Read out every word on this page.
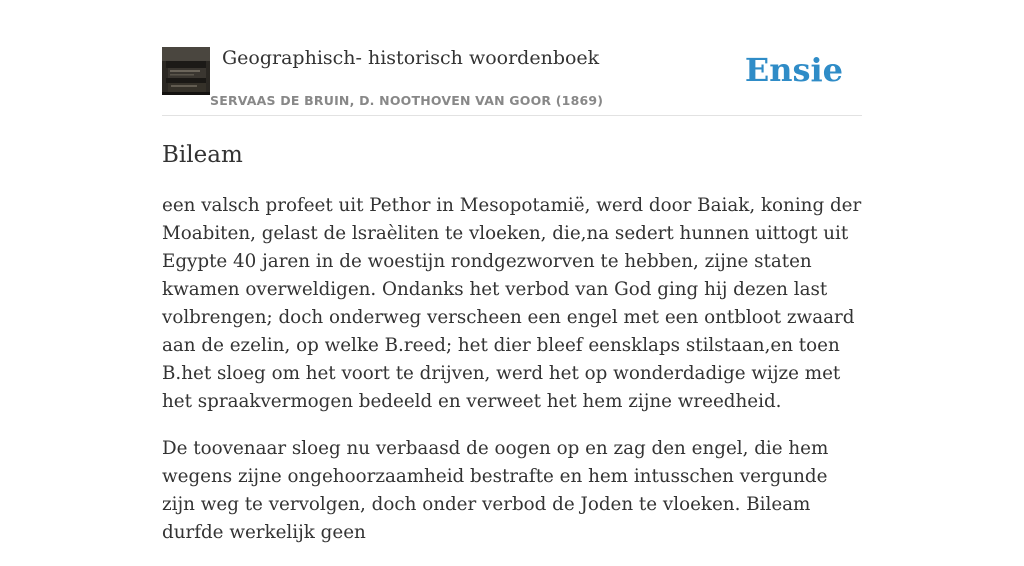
Geographisch- historisch woordenboek
SERVAAS DE BRUIN, D. NOOTHOVEN VAN GOOR (1869)
Ensie
Bileam

een valsch profeet uit Pethor in Mesopotamië, werd door Baiak, koning der Moabiten, gelast de lsraèliten te vloeken, die,na sedert hunnen uittogt uit Egypte 40 jaren in de woestijn rondgezworven te hebben, zijne staten kwamen overweldigen. Ondanks het verbod van God ging hij dezen last volbrengen; doch onderweg verscheen een engel met een ontbloot zwaard aan de ezelin, op welke B.reed; het dier bleef eensklaps stilstaan,en toen B.het sloeg om het voort te drijven, werd het op wonderdadige wijze met het spraakvermogen bedeeld en verweet het hem zijne wreedheid.

De toovenaar sloeg nu verbaasd de oogen op en zag den engel, die hem wegens zijne ongehoorzaamheid bestrafte en hem intusschen vergunde zijn weg te vervolgen, doch onder verbod de Joden te vloeken. Bileam durfde werkelijk geen
